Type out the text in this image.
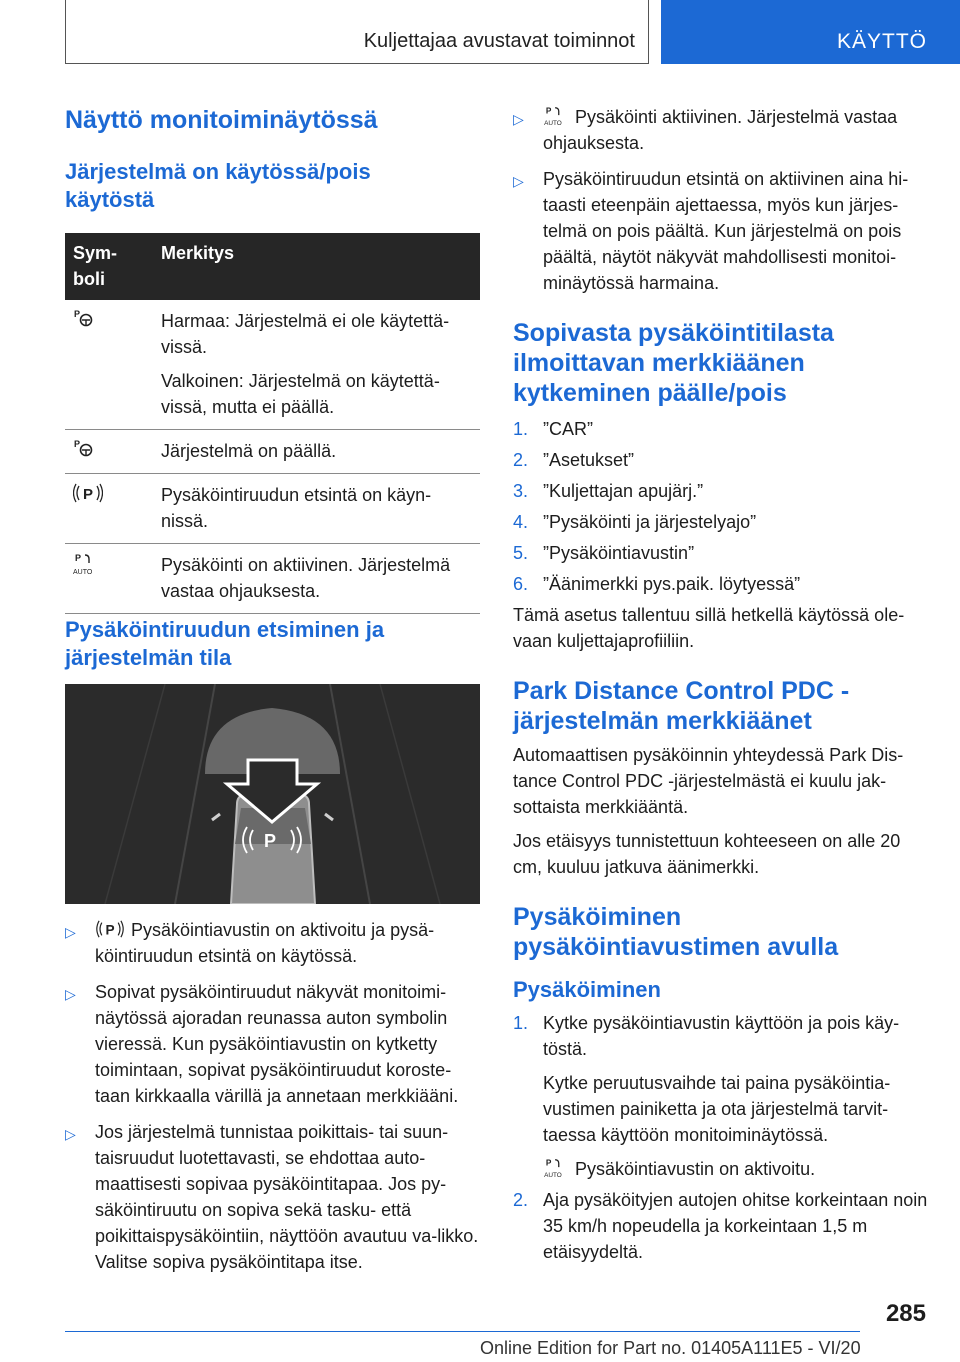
Kuljettajaa avustavat toiminnot	KÄYTTÖ
Näyttö monitoiminäytössä
Järjestelmä on käytössä/pois käytöstä
Sym-boli	Merkitys

P	Harmaa: Järjestelmä ei ole käytettä-vissä.

Valkoinen: Järjestelmä on käytettä-vissä, mutta ei päällä.

P	Järjestelmä on päällä.

P	Pysäköintiruudun etsintä on käyn-nissä.

P
AUTO	Pysäköinti on aktiivinen. Järjestelmä vastaa ohjauksesta.

Pysäköintiruudun etsiminen ja järjestelmän tila
P
▷ P Pysäköintiavustin on aktivoitu ja pysä-köintiruudun etsintä on käytössä.
▷ Sopivat pysäköintiruudut näkyvät monitoimi-näytössä ajoradan reunassa auton symbolin vieressä. Kun pysäköintiavustin on kytketty toimintaan, sopivat pysäköintiruudut koroste-taan kirkkaalla värillä ja annetaan merkkiääni.
▷ Jos järjestelmä tunnistaa poikittais- tai suun-taisruudut luotettavasti, se ehdottaa auto-maattisesti sopivaa pysäköintitapaa. Jos py-säköintiruutu on sopiva sekä tasku- että poikittaispysäköintiin, näyttöön avautuu va-likko. Valitse sopiva pysäköintitapa itse.
▷
P
AUTO Pysäköinti aktiivinen. Järjestelmä vastaa ohjauksesta.
▷ Pysäköintiruudun etsintä on aktiivinen aina hi-taasti eteenpäin ajettaessa, myös kun järjes-telmä on pois päältä. Kun järjestelmä on pois päältä, näytöt näkyvät mahdollisesti monitoi-minäytössä harmaina.
Sopivasta pysäköintitilasta ilmoittavan merkkiäänen kytkeminen päälle/pois
1. ”CAR”
2. ”Asetukset”
3. ”Kuljettajan apujärj.”
4. ”Pysäköinti ja järjestelyajo”
5. ”Pysäköintiavustin”
6. ”Äänimerkki pys.paik. löytyessä”

Tämä asetus tallentuu sillä hetkellä käytössä ole-vaan kuljettajaprofiiliin.

Park Distance Control PDC -järjestelmän merkkiäänet

Automaattisen pysäköinnin yhteydessä Park Dis-tance Control PDC -järjestelmästä ei kuulu jak-sottaista merkkiääntä.

Jos etäisyys tunnistettuun kohteeseen on alle 20 cm, kuuluu jatkuva äänimerkki.

Pysäköiminen pysäköintiavustimen avulla
Pysäköiminen
1. Kytke pysäköintiavustin käyttöön ja pois käy-töstä.

Kytke peruutusvaihde tai paina pysäköintia-vustimen painiketta ja ota järjestelmä tarvit-taessa käyttöön monitoiminäytössä.

P
AUTO Pysäköintiavustin on aktivoitu.

2. Aja pysäköityjen autojen ohitse korkeintaan noin 35 km/h nopeudella ja korkeintaan 1,5 m etäisyydeltä.

285
Online Edition for Part no. 01405A111E5 - VI/20
